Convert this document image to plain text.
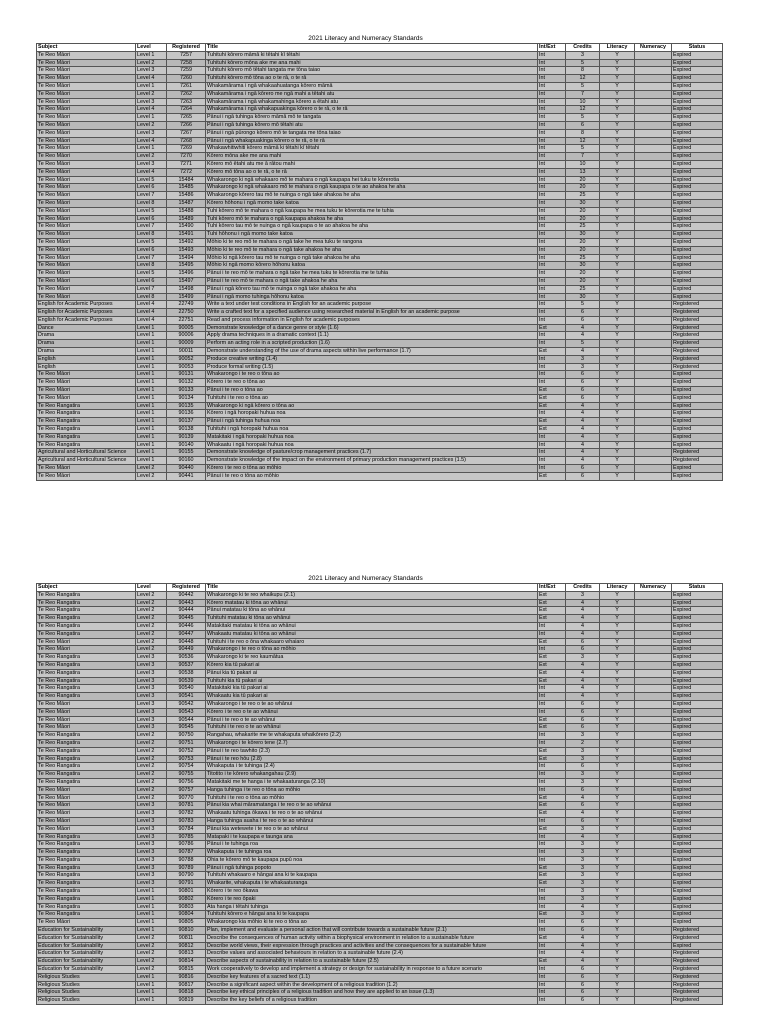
2021 Literacy and Numeracy Standards
Subject	Level	Registered	Title	Int/Ext	Credits	Literacy	Numeracy	Status
Te Reo Māori	Level 1	7257	Tuhituhi kōrero māmā ki tētahi kī tētahi	Int	3	Y		Expired
Te Reo Māori	Level 2	7258	Tuhituhi kōrero mōna ake me ana mahi	Int	5	Y		Expired
Te Reo Māori	Level 3	7259	Tuhituhi kōrero mō tētahi tangata me tōna taiao	Int	8	Y		Expired
Te Reo Māori	Level 4	7260	Tuhituhi kōrero mō tōna ao o te rā, o te rā	Int	12	Y		Expired
Te Reo Māori	Level 1	7261	Whakamārama i ngā whakaahuatanga kōrero māmā	Int	5	Y		Expired
Te Reo Māori	Level 2	7262	Whakamārama i ngā kōrero me ngā mahi a tētahi atu	Int	7	Y		Expired
Te Reo Māori	Level 3	7263	Whakamārama i ngā whakamahinga kōrero a ētahi atu	Int	10	Y		Expired
Te Reo Māori	Level 4	7264	Whakamārama i ngā whakapuakinga kōrero o te rā, o te rā	Int	12	Y		Expired
Te Reo Māori	Level 1	7265	Pānui i ngā tuhinga kōrero māmā mō te tangata	Int	5	Y		Expired
Te Reo Māori	Level 2	7266	Pānui i ngā tuhinga kōrero mō tētahi atu	Int	6	Y		Expired
Te Reo Māori	Level 3	7267	Pānui i ngā pūrongo kōrero mō te tangata me tōna taiao	Int	8	Y		Expired
Te Reo Māori	Level 4	7268	Pānui i ngā whakapuakinga kōrero o te rā, o te rā	Int	12	Y		Expired
Te Reo Māori	Level 1	7269	Whakawhitiwhiti kōrero māmā ki tētahi kī tētahi	Int	5	Y		Expired
Te Reo Māori	Level 2	7270	Kōrero mōna ake me ana mahi	Int	7	Y		Expired
Te Reo Māori	Level 3	7271	Kōrero mō ētahi atu me ā rātou mahi	Int	10	Y		Expired
Te Reo Māori	Level 4	7272	Kōrero mō tōna ao o te rā, o te rā	Int	13	Y		Expired
Te Reo Māori	Level 5	15484	Whakarongo ki ngā whakaaro mō te mahara o ngā kaupapa hei tuku te kōrerotia	Int	20	Y		Expired
Te Reo Māori	Level 6	15485	Whakarongo ki ngā whakaaro mō te mahara o ngā kaupapa o te ao ahakoa he aha	Int	20	Y		Expired
Te Reo Māori	Level 7	15486	Whakarongo kōrero tau mō te nuinga o ngā take ahakoa he aha	Int	25	Y		Expired
Te Reo Māori	Level 8	15487	Kōrero hōhonu i ngā momo take katoa	Int	30	Y		Expired
Te Reo Māori	Level 5	15488	Tuhi kōrero mō te mahara o ngā kaupapa he mea tuku te kōrerotia me te tuhia	Int	20	Y		Expired
Te Reo Māori	Level 6	15489	Tuhi kōrero mō te mahara o ngā kaupapa ahakoa he aha	Int	20	Y		Expired
Te Reo Māori	Level 7	15490	Tuhi kōrero tau mō te nuinga o ngā kaupapa o te ao ahakoa he aha	Int	25	Y		Expired
Te Reo Māori	Level 8	15491	Tuhi hōhonu i ngā momo take katoa	Int	30	Y		Expired
Te Reo Māori	Level 5	15492	Mōhio ki te reo mō te mahara o ngā take he mea tuku te rangona	Int	20	Y		Expired
Te Reo Māori	Level 6	15493	Mōhio ki te reo mō te mahara o ngā take ahakoa he aha	Int	20	Y		Expired
Te Reo Māori	Level 7	15494	Mōhio ki ngā kōrero tau mō te nuinga o ngā take ahakoa he aha	Int	25	Y		Expired
Te Reo Māori	Level 8	15495	Mōhio ki ngā momo kōrero hōhonu katoa	Int	30	Y		Expired
Te Reo Māori	Level 5	15496	Pānui i te reo mō te mahara o ngā take he mea tuku te kōrerotia me te tuhia	Int	20	Y		Expired
Te Reo Māori	Level 6	15497	Pānui i te reo mō te mahara o ngā take ahakoa he aha	Int	20	Y		Expired
Te Reo Māori	Level 7	15498	Pānui i ngā kōrero tau mō te nuinga o ngā take ahakoa he aha	Int	25	Y		Expired
Te Reo Māori	Level 8	15499	Pānui i ngā momo tuhinga hōhonu katoa	Int	30	Y		Expired
English for Academic Purposes	Level 4	22749	Write a text under test conditions in English for an academic purpose	Int	5	Y		Registered
English for Academic Purposes	Level 4	22750	Write a crafted text for a specified audience using researched material in English for an academic purpose	Int	6	Y		Registered
English for Academic Purposes	Level 4	22751	Read and process information in English for academic purposes	Int	6	Y		Registered
Dance	Level 1	90005	Demonstrate knowledge of a dance genre or style (1.6)	Ext	4	Y		Registered
Drama	Level 1	90006	Apply drama techniques in a dramatic context (1.1)	Int	4	Y		Registered
Drama	Level 1	90009	Perform an acting role in a scripted production (1.6)	Int	5	Y		Registered
Drama	Level 1	90011	Demonstrate understanding of the use of drama aspects within live performance (1.7)	Ext	4	Y		Registered
English	Level 1	90052	Produce creative writing (1.4)	Int	3	Y		Registered
English	Level 1	90053	Produce formal writing (1.5)	Int	3	Y		Registered
Te Reo Māori	Level 1	90131	Whakarongo i te reo o tōna ao	Int	6	Y		Expired
Te Reo Māori	Level 1	90132	Kōrero i te reo o tōna ao	Int	6	Y		Expired
Te Reo Māori	Level 1	90133	Pānui i te reo o tōna ao	Ext	6	Y		Expired
Te Reo Māori	Level 1	90134	Tuhituhi i te reo o tōna ao	Ext	6	Y		Expired
Te Reo Rangatira	Level 1	90135	Whakarongo ki ngā kōrero o tōna ao	Ext	4	Y		Expired
Te Reo Rangatira	Level 1	90136	Kōrero i ngā horopaki huhua noa	Int	4	Y		Expired
Te Reo Rangatira	Level 1	90137	Pānui i ngā tuhinga huhua noa	Ext	4	Y		Expired
Te Reo Rangatira	Level 1	90138	Tuhituhi i ngā horopaki huhua noa	Ext	4	Y		Expired
Te Reo Rangatira	Level 1	90139	Matakitaki i ngā horopaki huhua noa	Int	4	Y		Expired
Te Reo Rangatira	Level 1	90140	Whakaatu i ngā horopaki huhua noa	Int	4	Y		Expired
Agricultural and Horticultural Science	Level 1	90155	Demonstrate knowledge of pasture/crop management practices (1.7)	Int	4	Y		Registered
Agricultural and Horticultural Science	Level 1	90160	Demonstrate knowledge of the impact on the environment of primary production management practices (1.5)	Int	4	Y		Registered
Te Reo Māori	Level 2	90440	Kōrero i te reo o tōna ao mōhio	Int	6	Y		Expired
Te Reo Māori	Level 2	90441	Pānui i te reo o tōna ao mōhio	Ext	6	Y		Expired
2021 Literacy and Numeracy Standards
Subject	Level	Registered	Title	Int/Ext	Credits	Literacy	Numeracy	Status
Te Reo Rangatira	Level 2	90442	Whakarongo ki te reo whaikupu (2.1)	Ext	3	Y		Expired
Te Reo Rangatira	Level 2	90443	Kōrero matatau ki tōna ao whānui	Ext	4	Y		Expired
Te Reo Rangatira	Level 2	90444	Pānui matatau ki tōna ao whānui	Ext	4	Y		Expired
Te Reo Rangatira	Level 2	90445	Tuhituhi matatau ki tōna ao whānui	Ext	4	Y		Expired
Te Reo Rangatira	Level 2	90446	Matakitaki matatau ki tōna ao whānui	Int	4	Y		Expired
Te Reo Rangatira	Level 2	90447	Whakaatu matatau ki tōna ao whānui	Int	4	Y		Expired
Te Reo Māori	Level 2	90448	Tuhituhi i te reo o ōna whakaaro whaiaro	Ext	6	Y		Expired
Te Reo Māori	Level 2	90449	Whakarongo i te reo o tōna ao mōhio	Int	6	Y		Expired
Te Reo Rangatira	Level 3	90536	Whakarongo ki te reo kaumātua	Ext	3	Y		Expired
Te Reo Rangatira	Level 3	90537	Kōrero kia tū pakari ai	Ext	4	Y		Expired
Te Reo Rangatira	Level 3	90538	Pānui kia tū pakari ai	Ext	4	Y		Expired
Te Reo Rangatira	Level 3	90539	Tuhituhi kia tū pakari ai	Ext	4	Y		Expired
Te Reo Rangatira	Level 3	90540	Matakitaki kia tū pakari ai	Int	4	Y		Expired
Te Reo Rangatira	Level 3	90541	Whakaatu kia tū pakari ai	Int	4	Y		Expired
Te Reo Māori	Level 3	90542	Whakarongo i te reo o te ao whānui	Int	6	Y		Expired
Te Reo Māori	Level 3	90543	Kōrero i te reo o te ao whānui	Int	6	Y		Expired
Te Reo Māori	Level 3	90544	Pānui i te reo o te ao whānui	Ext	6	Y		Expired
Te Reo Māori	Level 3	90545	Tuhituhi i te reo o te ao whānui	Ext	6	Y		Expired
Te Reo Rangatira	Level 2	90750	Rangahau, whakarite me te whakaputa whaikōrero (2.2)	Int	3	Y		Expired
Te Reo Rangatira	Level 2	90751	Whakarongo i te kōrero tene (2.7)	Int	2	Y		Expired
Te Reo Rangatira	Level 2	90752	Pānui i te reo tawhito (2.3)	Ext	3	Y		Expired
Te Reo Rangatira	Level 2	90753	Pānui i te reo hōu (2.8)	Ext	3	Y		Expired
Te Reo Rangatira	Level 2	90754	Whakaputa i te tuhinga (2.4)	Int	6	Y		Expired
Te Reo Rangatira	Level 2	90755	Titotito i te kōrero whakangahau (2.9)	Int	3	Y		Expired
Te Reo Rangatira	Level 2	90756	Matakitaki me te hanga i te whakaaturanga (2.10)	Int	3	Y		Expired
Te Reo Māori	Level 2	90757	Hanga tuhinga i te reo o tōna ao mōhio	Int	6	Y		Expired
Te Reo Māori	Level 2	90770	Tuhituhi i te reo o tōna ao mōhio	Ext	4	Y		Expired
Te Reo Māori	Level 3	90781	Pānui kia whai māramatanga i te reo o te ao whānui	Ext	6	Y		Expired
Te Reo Māori	Level 3	90782	Whakaatu tuhinga ōkawa i te reo o te ao whānui	Ext	4	Y		Expired
Te Reo Māori	Level 3	90783	Hanga tuhinga auaha i te reo o te ao whānui	Int	6	Y		Expired
Te Reo Māori	Level 3	90784	Pānui kia wetewete i te reo o te ao whānui	Ext	3	Y		Expired
Te Reo Rangatira	Level 3	90785	Matapaki i te kaupapa e taunga ana	Int	4	Y		Expired
Te Reo Rangatira	Level 3	90786	Pānui i te tuhinga roa	Int	3	Y		Expired
Te Reo Rangatira	Level 3	90787	Whakaputa i te tuhinga roa	Int	3	Y		Expired
Te Reo Rangatira	Level 3	90788	Ohia te kōrero mō te kaupapa pupū noa	Int	3	Y		Expired
Te Reo Rangatira	Level 3	90789	Pānui i ngā tuhinga popoto	Ext	3	Y		Expired
Te Reo Rangatira	Level 3	90790	Tuhituhi whakaaro e hāngai ana ki te kaupapa	Ext	3	Y		Expired
Te Reo Rangatira	Level 3	90791	Whakarite, whakaputa i te whakaaturanga	Ext	3	Y		Expired
Te Reo Rangatira	Level 1	90801	Kōrero i te reo ōkawa	Int	3	Y		Expired
Te Reo Rangatira	Level 1	90802	Kōrero i te reo ōpaki	Int	3	Y		Expired
Te Reo Rangatira	Level 1	90803	Ata hanga i tētahi tuhinga	Int	4	Y		Expired
Te Reo Rangatira	Level 1	90804	Tuhituhi kōrero e hāngai ana ki te kaupapa	Ext	3	Y		Expired
Te Reo Māori	Level 1	90805	Whakarongo kia mōhio ki te reo o tōna ao	Int	6	Y		Expired
Education for Sustainability	Level 1	90810	Plan, implement and evaluate a personal action that will contribute towards a sustainable future (2.1)	Int	6	Y		Registered
Education for Sustainability	Level 2	90811	Describe the consequences of human activity within a biophysical environment in relation to a sustainable future	Ext	4	Y		Registered
Education for Sustainability	Level 2	90812	Describe world views, their expression through practices and activities and the consequences for a sustainable future	Int	4	Y		Expired
Education for Sustainability	Level 2	90813	Describe values and associated behaviours in relation to a sustainable future (2.4)	Int	4	Y		Registered
Education for Sustainability	Level 2	90814	Describe aspects of sustainability in relation to a sustainable future (2.5)	Ext	4	Y		Registered
Education for Sustainability	Level 2	90815	Work cooperatively to develop and implement a strategy or design for sustainability in response to a future scenario	Int	6	Y		Registered
Religious Studies	Level 1	90816	Describe key features of a sacred text (1.1)	Int	6	Y		Registered
Religious Studies	Level 1	90817	Describe a significant aspect within the development of a religious tradition (1.2)	Int	6	Y		Registered
Religious Studies	Level 1	90818	Describe key ethical principles of a religious tradition and how they are applied to an issue (1.3)	Int	6	Y		Registered
Religious Studies	Level 1	90819	Describe the key beliefs of a religious tradition	Int	6	Y		Registered
